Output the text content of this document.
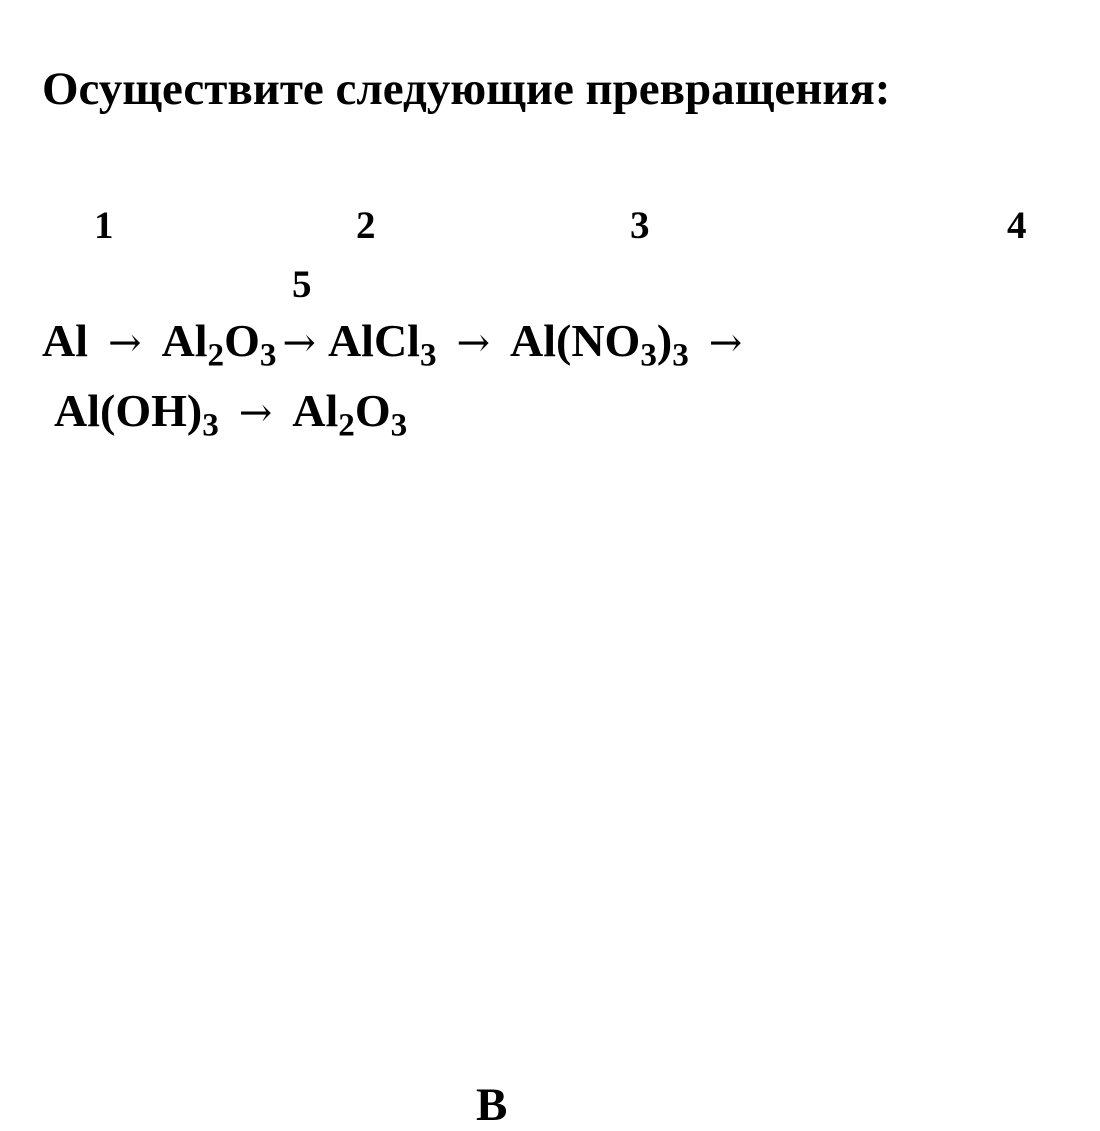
Осуществите следующие превращения:
1	2	3	4
5
$Al \to Al_2O_3$ → AlCl$_3$ → $Al(NO_3)_3$ →
$Al(OH)_3 \to Al_2O_3$
В
